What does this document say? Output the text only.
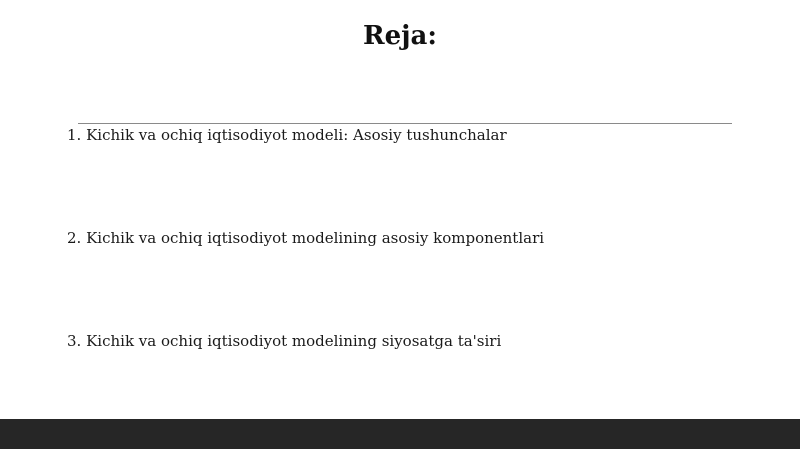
Reja:
1. Kichik va ochiq iqtisodiyot modeli: Asosiy tushunchalar
2. Kichik va ochiq iqtisodiyot modelining asosiy komponentlari
3. Kichik va ochiq iqtisodiyot modelining siyosatga ta'siri
